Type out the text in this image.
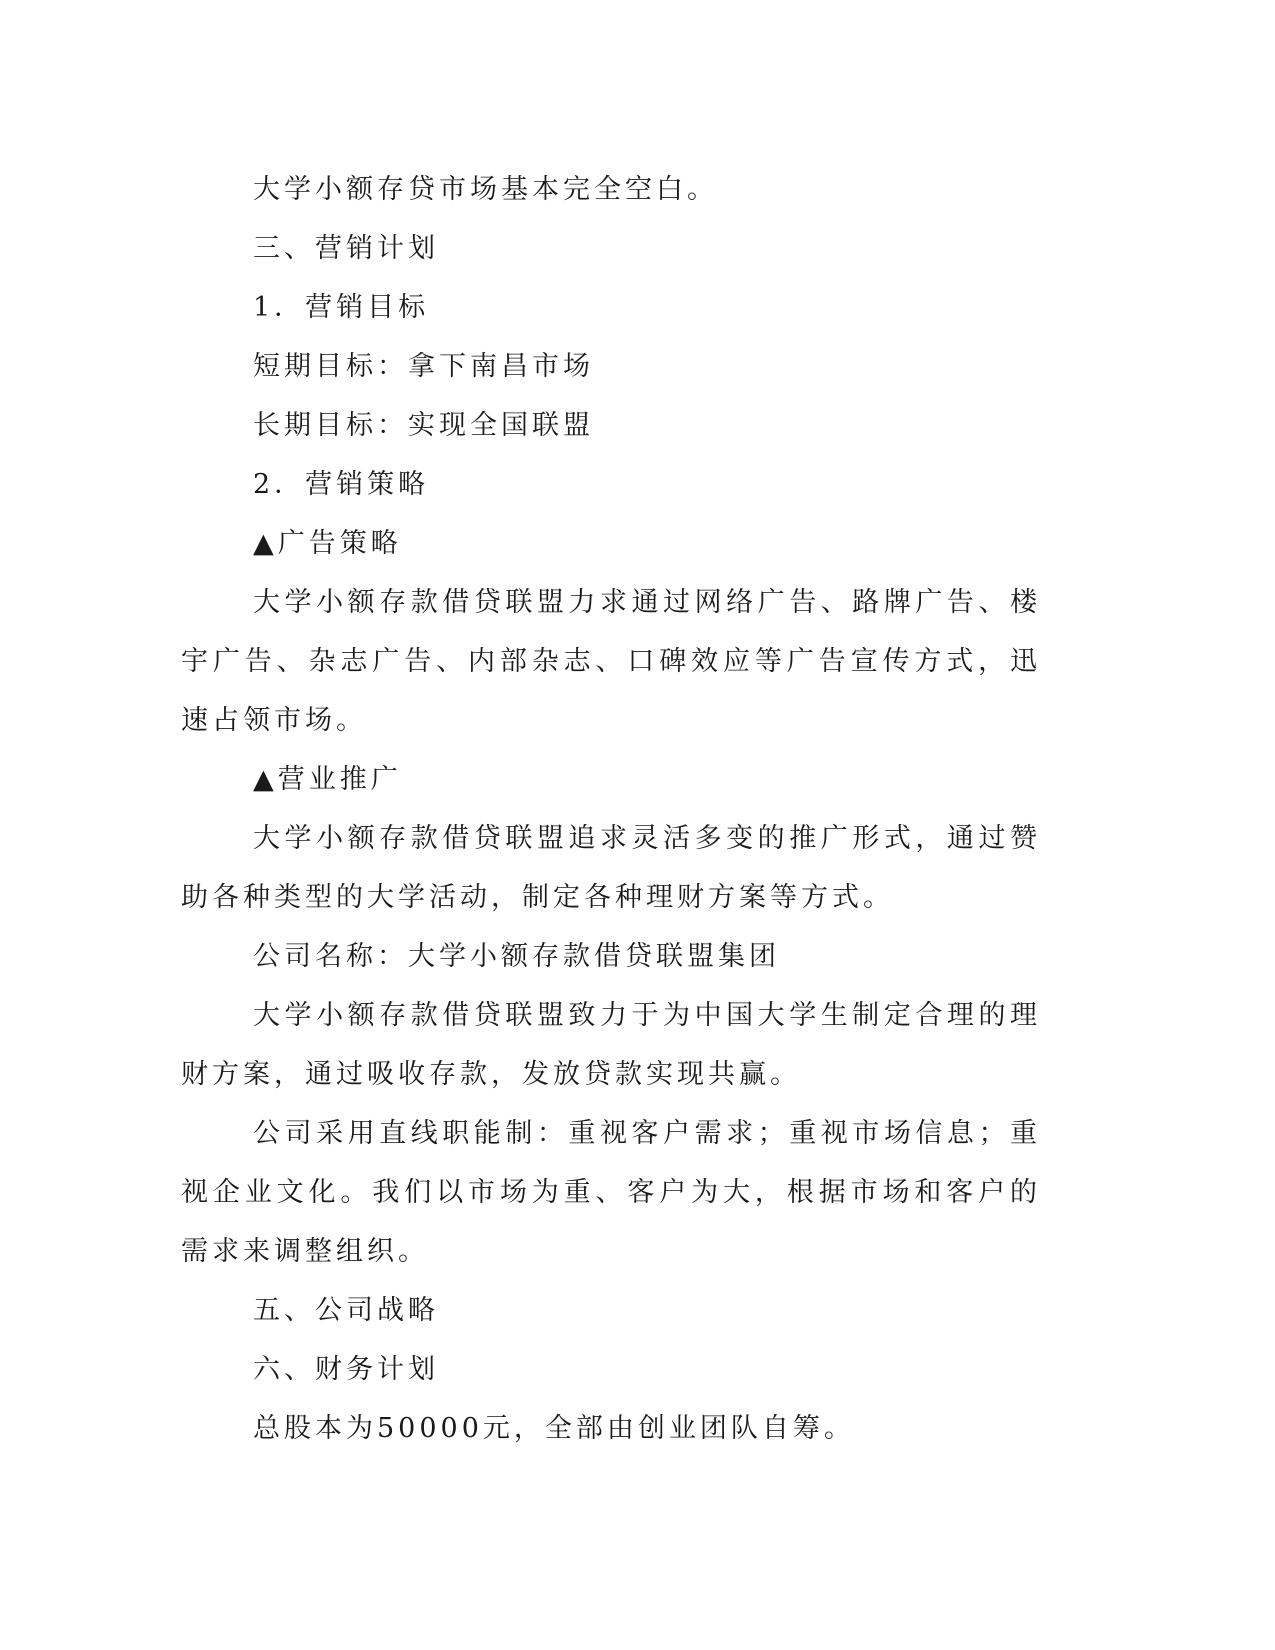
大学小额存贷市场基本完全空白。

三、营销计划

1．营销目标

短期目标：拿下南昌市场

长期目标：实现全国联盟

2．营销策略

▲广告策略

大学小额存款借贷联盟力求通过网络广告、路牌广告、楼宇广告、杂志广告、内部杂志、口碑效应等广告宣传方式，迅速占领市场。

▲营业推广

大学小额存款借贷联盟追求灵活多变的推广形式，通过赞助各种类型的大学活动，制定各种理财方案等方式。

公司名称：大学小额存款借贷联盟集团

大学小额存款借贷联盟致力于为中国大学生制定合理的理财方案，通过吸收存款，发放贷款实现共赢。

公司采用直线职能制：重视客户需求；重视市场信息；重视企业文化。我们以市场为重、客户为大，根据市场和客户的需求来调整组织。

五、公司战略

六、财务计划

总股本为50000元，全部由创业团队自筹。
